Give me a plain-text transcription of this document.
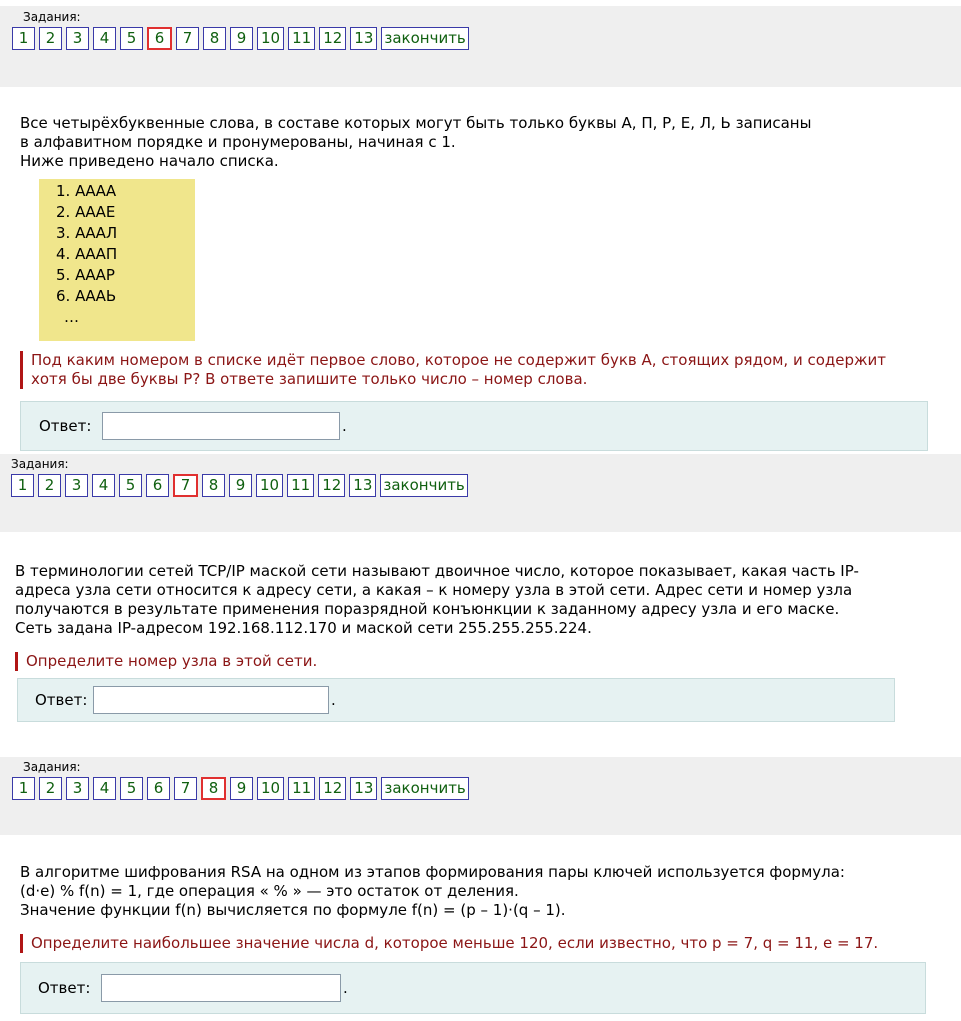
Задания:
1	2	3	4	5	6	7	8	9 10 11 12 13 закончить
Все четырёхбуквенные слова, в составе которых могут быть только буквы А, П, Р, Е, Л, Ь записаны
в алфавитном порядке и пронумерованы, начиная с 1.
Ниже приведено начало списка.
1. АААА
2. АААЕ
3. АААЛ
4. АААП
5. АААР
6. АААЬ
…
Под каким номером в списке идёт первое слово, которое не содержит букв А, стоящих рядом, и содержит
хотя бы две буквы Р? В ответе запишите только число – номер слова.
Ответ:	.
Задания:
1	2	3	4	5	6	7	8	9 10 11 12 13 закончить
В терминологии сетей TCP/IP маской сети называют двоичное число, которое показывает, какая часть IP-
адреса узла сети относится к адресу сети, а какая – к номеру узла в этой сети. Адрес сети и номер узла
получаются в результате применения поразрядной конъюнкции к заданному адресу узла и его маске.
Сеть задана IP-адресом 192.168.112.170 и маской сети 255.255.255.224.
Определите номер узла в этой сети.
Ответ:	.
Задания:
1	2	3	4	5	6	7	8	9 10 11 12 13 закончить
В алгоритме шифрования RSA на одном из этапов формирования пары ключей используется формула:
(d·e) % f(n) = 1, где операция « % » — это остаток от деления.
Значение функции f(n) вычисляется по формуле f(n) = (p – 1)·(q – 1).
Определите наибольшее значение числа d, которое меньше 120, если известно, что p = 7, q = 11, e = 17.
Ответ:	.
